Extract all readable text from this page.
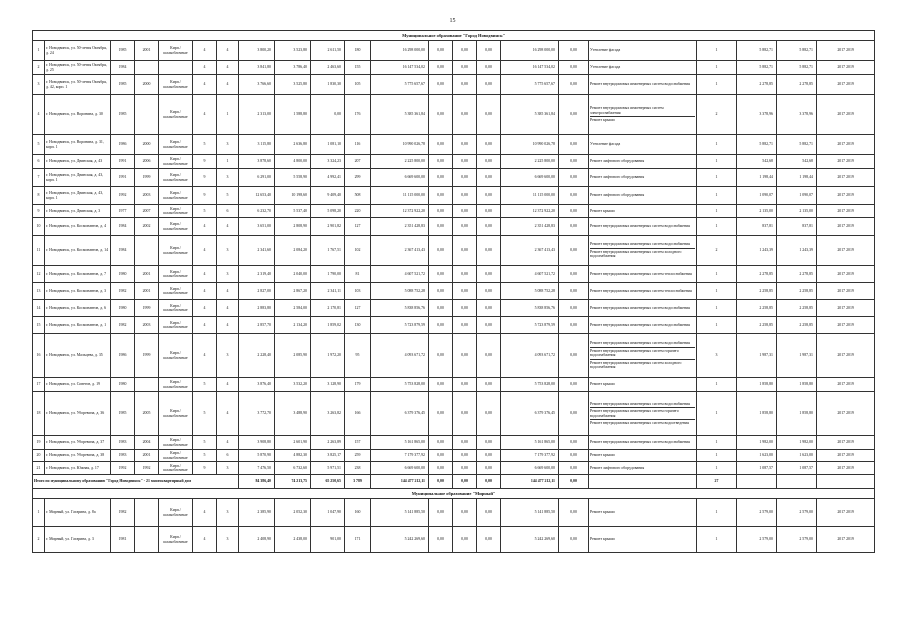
15
Муниципальное образование "Город Новодвинск"																					
1	г. Новодвинск, ул. 50-летия Октября, д. 24	1985	2001	Кирп./ шлакоблочные	4	4	3 800,20	3 523,80	2 611,50	180	16 298 000,00	0,00	0,00	0,00	16 298 000,00	0,00	Утепление фасада	1	5 882,71	5 882,71	2017 2019
2	г. Новодвинск, ул. 50-летия Октября, д. 25	1984			4	4	3 841,80	3 786,40	2 463,60	155	16 147 534,02	0,00	0,00	0,00	16 147 534,02	0,00	Утепление фасада	1	5 882,71	5 882,71	2017 2019
3	г. Новодвинск, ул. 50-летия Октября, д. 42, корп. 1	1985	2000	Кирп./ шлакоблочные	4	4	3 766,60	3 525,80	1 830,30	105	5 775 657,67	0,00	0,00	0,00	5 775 657,67	0,00	Ремонт внутридомовых инженерных систем водоснабжения	1	2 278,85	2 278,85	2017 2019
4	г. Новодвинск, ул. Воронина, д. 30	1985		Кирп./ шлакоблочные	4	1	2 313,00	1 588,80	0,00	176	5 385 361,84	0,00	0,00	0,00	5 385 361,84	0,00	Ремонт внутридомовых инженерных систем электроснабжения
Ремонт крыши	2	3 378,96	3 378,96	2017 2019
5	г. Новодвинск, ул. Воронина, д. 31, корп. 1	1986	2000	Кирп./ шлакоблочные	5	3	3 115,80	2 636,80	1 081,10	116	10 990 026,78	0,00	0,00	0,00	10 990 026,78	0,00	Утепление фасада	1	5 882,71	5 882,71	2017 2019
6	г. Новодвинск, ул. Двинская, д. 43	1991	2006	Кирп./ шлакоблочные	9	1	3 878,60	4 800,00	3 324,23	207	2 225 800,00	0,00	0,00	0,00	2 225 800,00	0,00	Ремонт лифтового оборудования	1	542,68	542,68	2017 2019
7	г. Новодвинск, ул. Двинская, д. 43, корп. 1	1991	1999	Кирп./ шлакоблочные	9	3	6 291,00	5 558,90	4 992,41	299	6 669 600,00	0,00	0,00	0,00	6 669 600,00	0,00	Ремонт лифтового оборудования	1	1 198,44	1 198,44	2017 2019
8	г. Новодвинск, ул. Двинская, д. 43, корп. 1	1992	2003	Кирп./ шлакоблочные	9	5	12 653,40	10 198,60	9 409,40	508	11 115 000,00	0,00	0,00	0,00	11 115 000,00	0,00	Ремонт лифтового оборудования	1	1 090,07	1 090,07	2017 2019
9	г. Новодвинск, ул. Двинская, д. 3	1977	2007	Кирп./ шлакоблочные	5	6	6 232,70	5 537,40	5 098,20	220	12 372 922,20	0,00	0,00	0,00	12 372 922,20	0,00	Ремонт крыши	1	2 135,00	2 135,00	2017 2019
10	г. Новодвинск, ул. Космонавтов, д. 4	1984	2002	Кирп./ шлакоблочные	4	4	3 651,00	2 808,90	2 901,82	127	2 351 428,83	0,00	0,00	0,00	2 351 428,83	0,00	Ремонт внутридомовых инженерных систем водоснабжения	1	837,81	837,81	2017 2019
11	г. Новодвинск, ул. Космонавтов, д. 14	1984		Кирп./ шлакоблочные	4	3	2 341,60	2 084,20	1 767,51	102	2 367 413,43	0,00	0,00	0,00	2 367 413,43	0,00	Ремонт внутридомовых инженерных систем водоснабжения
Ремонт внутридомовых инженерных систем холодного водоснабжения	2	1 243,39	1 243,39	2017 2019
12	г. Новодвинск, ул. Космонавтов, д. 7	1980	2001	Кирп./ шлакоблочные	4	3	2 319,40	2 040,00	1 790,00	81	4 607 521,72	0,00	0,00	0,00	4 607 521,72	0,00	Ремонт внутридомовых инженерных систем теплоснабжения	1	2 278,85	2 278,85	2017 2019
13	г. Новодвинск, ул. Космонавтов, д. 3	1982	2001	Кирп./ шлакоблочные	4	4	2 827,00	2 867,20	2 341,11	103	5 088 752,28	0,00	0,00	0,00	5 088 752,28	0,00	Ремонт внутридомовых инженерных систем теплоснабжения	1	2 258,85	2 258,85	2017 2019
14	г. Новодвинск, ул. Космонавтов, д. 6	1980	1999	Кирп./ шлакоблочные	4	4	2 883,80	2 584,00	2 170,81	127	5 838 856,76	0,00	0,00	0,00	5 838 856,76	0,00	Ремонт внутридомовых инженерных систем водоснабжения	1	2 258,85	2 258,85	2017 2019
15	г. Новодвинск, ул. Космонавтов, д. 1	1982	2003	Кирп./ шлакоблочные	4	4	2 857,70	2 134,20	1 859,02	130	5 723 879,59	0,00	0,00	0,00	5 723 879,59	0,00	Ремонт внутридомовых инженерных систем водоснабжения	1	2 258,85	2 258,85	2017 2019
16	г. Новодвинск, ул. Мальцева, д. 35	1986	1999	Кирп./ шлакоблочные	4	3	2 228,40	2 085,90	1 972,20	95	4 093 671,72	0,00	0,00	0,00	4 093 671,72	0,00	Ремонт внутридомовых инженерных систем водоснабжения
Ремонт внутридомовых инженерных систем горячего водоснабжения
Ремонт внутридомовых инженерных систем холодного водоснабжения	3	1 987,31	1 987,31	2017 2019
17	г. Новодвинск, ул. Советов, д. 19	1980		Кирп./ шлакоблочные	5	4	3 876,40	3 532,20	3 128,90	179	5 753 828,00	0,00	0,00	0,00	5 753 828,00	0,00	Ремонт крыши	1	1 858,80	1 858,80	2017 2019
18	г. Новодвинск, ул. Уборевича, д. 36	1985	2005	Кирп./ шлакоблочные	5	4	3 772,70	3 488,90	3 263,82	166	6 379 376,45	0,00	0,00	0,00	6 379 376,45	0,00	Ремонт внутридомовых инженерных систем водоснабжения
Ремонт внутридомовых инженерных систем горячего водоснабжения
Ремонт внутридомовых инженерных систем водоотведения	1	1 858,80	1 858,80	2017 2019
19	г. Новодвинск, ул. Уборевича, д. 37	1983	2004	Кирп./ шлакоблочные	5	4	3 908,80	2 601,90	2 263,89	157	5 161 865,00	0,00	0,00	0,00	5 161 865,00	0,00	Ремонт внутридомовых инженерных систем водоснабжения	1	1 982,00	1 982,00	2017 2019
20	г. Новодвинск, ул. Уборевича, д. 38	1983	2001	Кирп./ шлакоблочные	5	6	5 870,90	4 882,30	3 825,17	259	7 179 377,92	0,00	0,00	0,00	7 179 377,92	0,00	Ремонт крыши	1	1 623,00	1 623,00	2017 2019
21	г. Новодвинск, ул. Южная, д. 17	1992	1992	Кирп./ шлакоблочные	9	3	7 476,50	6 732,60	5 971,51	238	6 669 600,00	0,00	0,00	0,00	6 669 600,00	0,00	Ремонт лифтового оборудования	1	1 087,57	1 087,57	2017 2019
Итого по муниципальному образованию "Город Новодвинск" - 21 многоквартирный дом							84 386,40	74 213,75	65 250,65	3 789	144 477 212,11	0,00	0,00	0,00	144 477 212,11	0,00		27			
Муниципальное образование "Мирный"																					
1	г. Мирный, ул. Гагарина, д. 8а	1982		Кирп./ шлакоблочные	4	3	2 385,90	2 052,30	1 047,90	160	5 141 885,50	0,00	0,00	0,00	5 141 885,50	0,00	Ремонт крыши	1	2 579,00	2 579,00	2017 2019
2	г. Мирный, ул. Гагарина, д. 3	1981		Кирп./ шлакоблочные	4	3	2 408,90	2 438,00	901,00	171	5 242 269,60	0,00	0,00	0,00	5 242 269,60	0,00	Ремонт крыши	1	2 579,00	2 579,00	2017 2019
